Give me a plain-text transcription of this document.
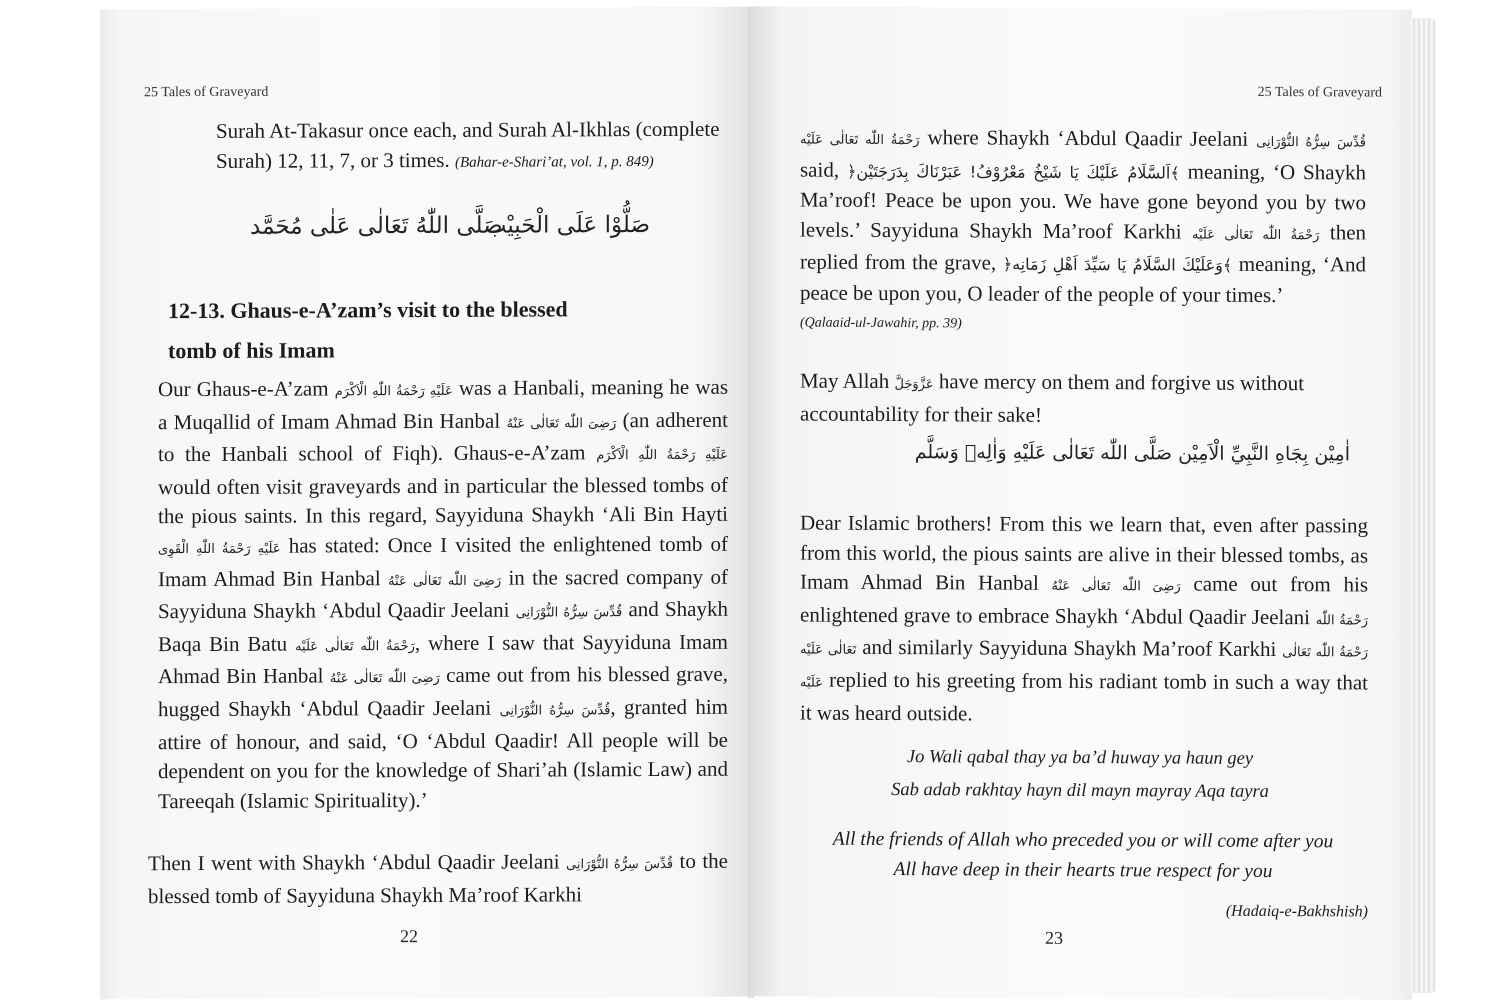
25 Tales of Graveyard

Surah At-Takasur once each, and Surah Al-Ikhlas (complete
Surah) 12, 11, 7, or 3 times. (Bahar-e-Shari’at, vol. 1, p. 849)

صَلُّوْا عَلَى الْحَبِيْب
صَلَّى اللّٰهُ تَعَالٰى عَلٰى مُحَمَّد
12-13. Ghaus-e-A’zam’s visit to the blessed
tomb of his Imam

Our Ghaus-e-A’zam عَلَيْهِ رَحْمَةُ اللّٰهِ الْاَكْرَم was a Hanbali, meaning he was a Muqallid of Imam Ahmad Bin Hanbal رَضِىَ اللّٰه تَعَالٰى عَنْهُ (an adherent to the Hanbali school of Fiqh). Ghaus-e-A’zam عَلَيْهِ رَحْمَةُ اللّٰهِ الْاَكْرَم would often visit graveyards and in particular the blessed tombs of the pious saints. In this regard, Sayyiduna Shaykh ‘Ali Bin Hayti عَلَيْهِ رَحْمَةُ اللّٰهِ الْقَوِى has stated: Once I visited the enlightened tomb of Imam Ahmad Bin Hanbal رَضِىَ اللّٰه تَعَالٰى عَنْهُ in the sacred company of Sayyiduna Shaykh ‘Abdul Qaadir Jeelani قُدِّسَ سِرُّهُ النُّوْرَانِى and Shaykh Baqa Bin Batu رَحْمَةُ اللّٰه تَعَالٰى عَلَيْه, where I saw that Sayyiduna Imam Ahmad Bin Hanbal رَضِىَ اللّٰه تَعَالٰى عَنْهُ came out from his blessed grave, hugged Shaykh ‘Abdul Qaadir Jeelani قُدِّسَ سِرُّهُ النُّوْرَانِى, granted him attire of honour, and said, ‘O ‘Abdul Qaadir! All people will be dependent on you for the knowledge of Shari’ah (Islamic Law) and Tareeqah (Islamic Spirituality).’

Then I went with Shaykh ‘Abdul Qaadir Jeelani قُدِّسَ سِرُّهُ النُّوْرَانِى to the blessed tomb of Sayyiduna Shaykh Ma’roof Karkhi

22
25 Tales of Graveyard

رَحْمَةُ اللّٰه تَعَالٰى عَلَيْه where Shaykh ‘Abdul Qaadir Jeelani قُدِّسَ سِرُّهُ النُّوْرَانِى said, ﴿اَلسَّلَامُ عَلَيْكَ يَا شَيْخُ مَعْرُوْفُ! عَبَرْنَاكَ بِدَرَجَتَيْن﴾ meaning, ‘O Shaykh Ma’roof! Peace be upon you. We have gone beyond you by two levels.’ Sayyiduna Shaykh Ma’roof Karkhi رَحْمَةُ اللّٰه تَعَالٰى عَلَيْه then replied from the grave, ﴿وَعَلَيْكَ السَّلَامُ يَا سَيِّدَ اَهْلِ زَمَانِه﴾ meaning, ‘And peace be upon you, O leader of the people of your times.’

(Qalaaid-ul-Jawahir, pp. 39)

May Allah عَزَّوَجَلَّ have mercy on them and forgive us without accountability for their sake!

اٰمِيْن بِجَاهِ النَّبِيِّ الْاَمِيْن صَلَّى اللّٰه تَعَالٰى عَلَيْهِ وَاٰلِهٖ وَسَلَّم

Dear Islamic brothers! From this we learn that, even after passing from this world, the pious saints are alive in their blessed tombs, as Imam Ahmad Bin Hanbal رَضِىَ اللّٰه تَعَالٰى عَنْهُ came out from his enlightened grave to embrace Shaykh ‘Abdul Qaadir Jeelani رَحْمَةُ اللّٰه تَعَالٰى عَلَيْه and similarly Sayyiduna Shaykh Ma’roof Karkhi رَحْمَةُ اللّٰه تَعَالٰى عَلَيْه replied to his greeting from his radiant tomb in such a way that it was heard outside.

Jo Wali qabal thay ya ba’d huway ya haun gey
Sab adab rakhtay hayn dil mayn mayray Aqa tayra
All the friends of Allah who preceded you or will come after you
All have deep in their hearts true respect for you
(Hadaiq-e-Bakhshish)
23
